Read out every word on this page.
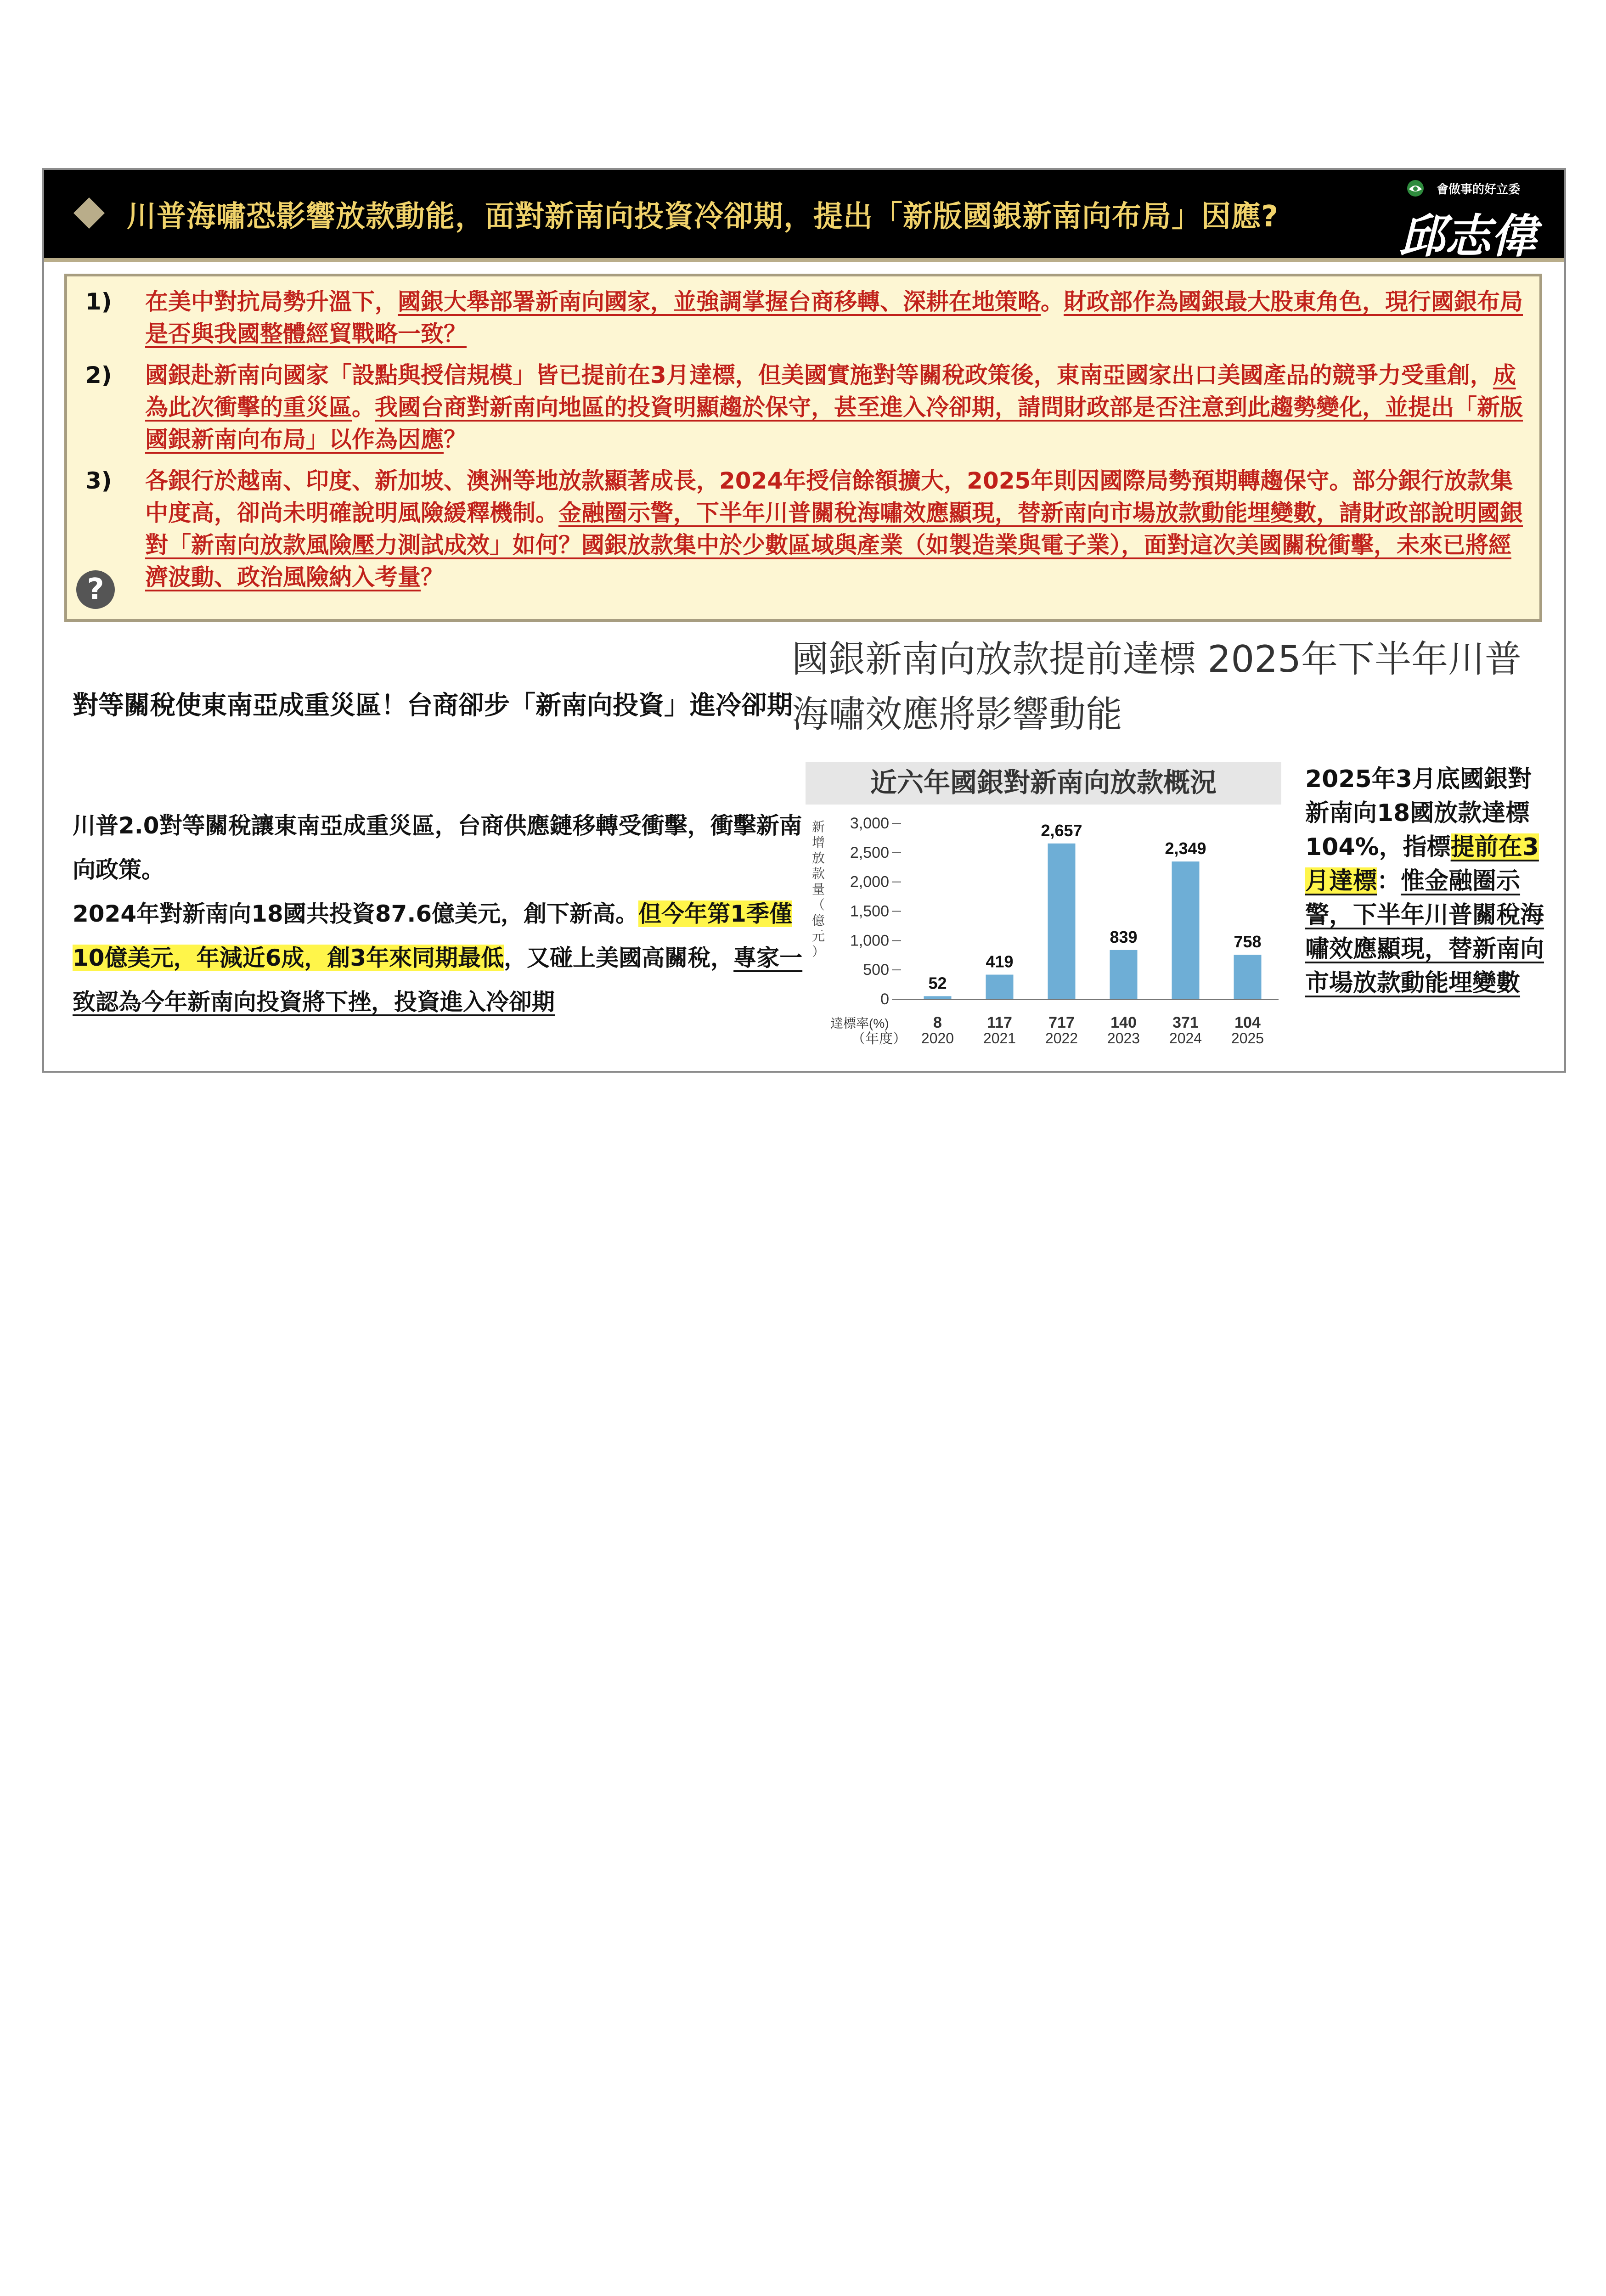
川普海嘯恐影響放款動能，面對新南向投資冷卻期，提出「新版國銀新南向布局」因應?
會做事的好立委
邱志偉
1) 在美中對抗局勢升溫下，國銀大舉部署新南向國家，並強調掌握台商移轉、深耕在地策略。財政部作為國銀最大股東角色，現行國銀布局是否與我國整體經貿戰略一致？
2) 國銀赴新南向國家「設點與授信規模」皆已提前在3月達標，但美國實施對等關稅政策後，東南亞國家出口美國產品的競爭力受重創，成為此次衝擊的重災區。我國台商對新南向地區的投資明顯趨於保守，甚至進入冷卻期，請問財政部是否注意到此趨勢變化，並提出「新版國銀新南向布局」以作為因應？
3) 各銀行於越南、印度、新加坡、澳洲等地放款顯著成長，2024年授信餘額擴大，2025年則因國際局勢預期轉趨保守。部分銀行放款集中度高，卻尚未明確說明風險緩釋機制。金融圈示警，下半年川普關稅海嘯效應顯現，替新南向市場放款動能埋變數，請財政部說明國銀對「新南向放款風險壓力測試成效」如何？國銀放款集中於少數區域與產業（如製造業與電子業），面對這次美國關稅衝擊，未來已將經濟波動、政治風險納入考量？
?
對等關稅使東南亞成重災區！台商卻步「新南向投資」進冷卻期

川普2.0對等關稅讓東南亞成重災區，台商供應鏈移轉受衝擊，衝擊新南向政策。

2024年對新南向18國共投資87.6億美元，創下新高。但今年第1季僅10億美元，年減近6成，創3年來同期最低，又碰上美國高關稅，專家一致認為今年新南向投資將下挫，投資進入冷卻期

國銀新南向放款提前達標 2025年下半年川普海嘯效應將影響動能
近六年國銀對新南向放款概況
新
增
放
款
量
（
億
元
）
3,000
2,500
2,000
1,500
1,000
500
0
52
8
2020
419
117
2021
2,657
717
2022
839
140
2023
2,349
371
2024
758
104
2025
達標率(%)
（年度）
2025年3月底國銀對新南向18國放款達標104%，指標提前在3月達標：惟金融圈示警，下半年川普關稅海嘯效應顯現，替新南向市場放款動能埋變數
